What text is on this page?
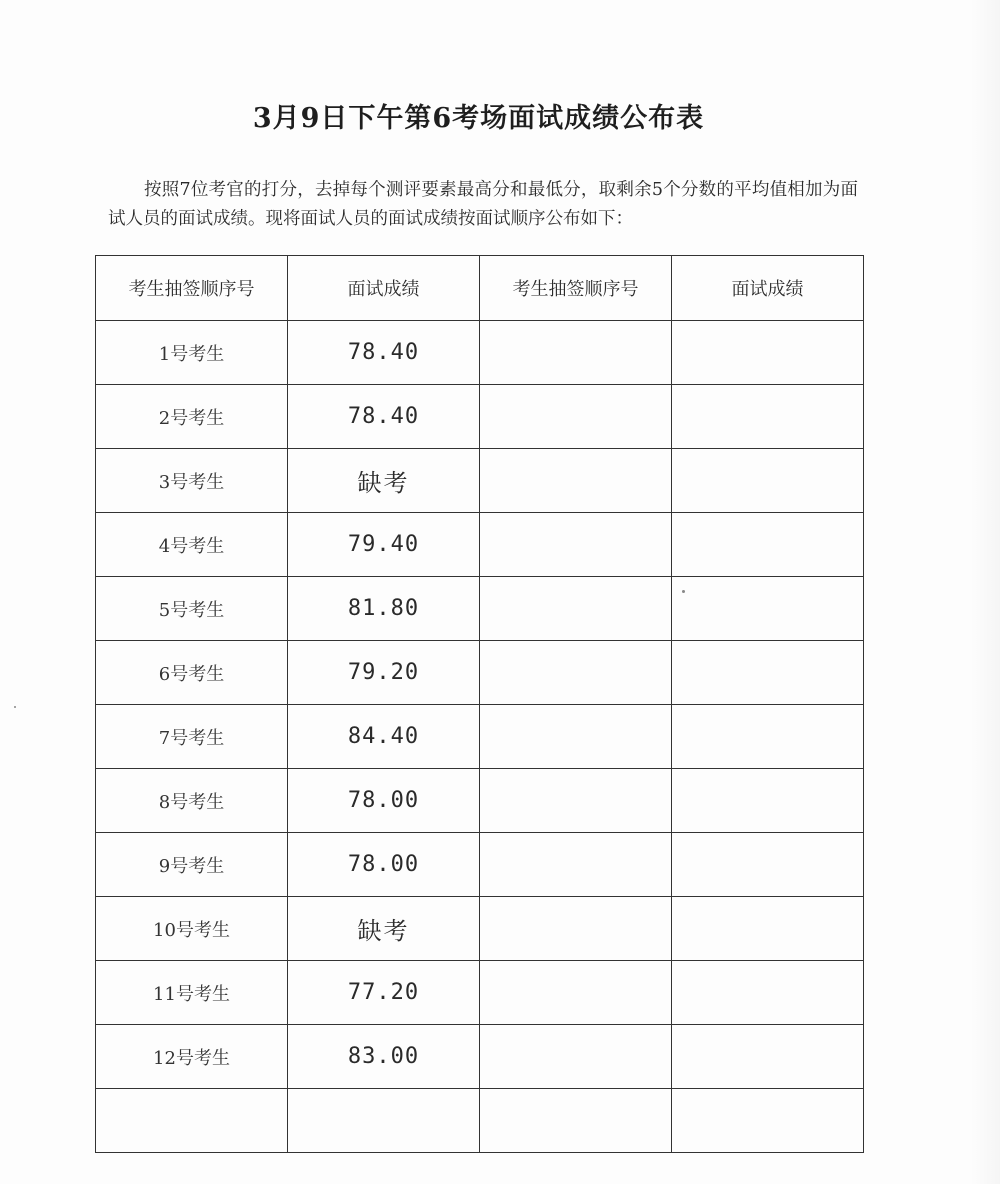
3月9日下午第6考场面试成绩公布表
按照7位考官的打分，去掉每个测评要素最高分和最低分，取剩余5个分数的平均值相加为面试人员的面试成绩。现将面试人员的面试成绩按面试顺序公布如下：
考生抽签顺序号	面试成绩	考生抽签顺序号	面试成绩
1号考生	78.40		
2号考生	78.40		
3号考生	缺考		
4号考生	79.40		
5号考生	81.80		
6号考生	79.20		
7号考生	84.40		
8号考生	78.00		
9号考生	78.00		
10号考生	缺考		
11号考生	77.20		
12号考生	83.00		
